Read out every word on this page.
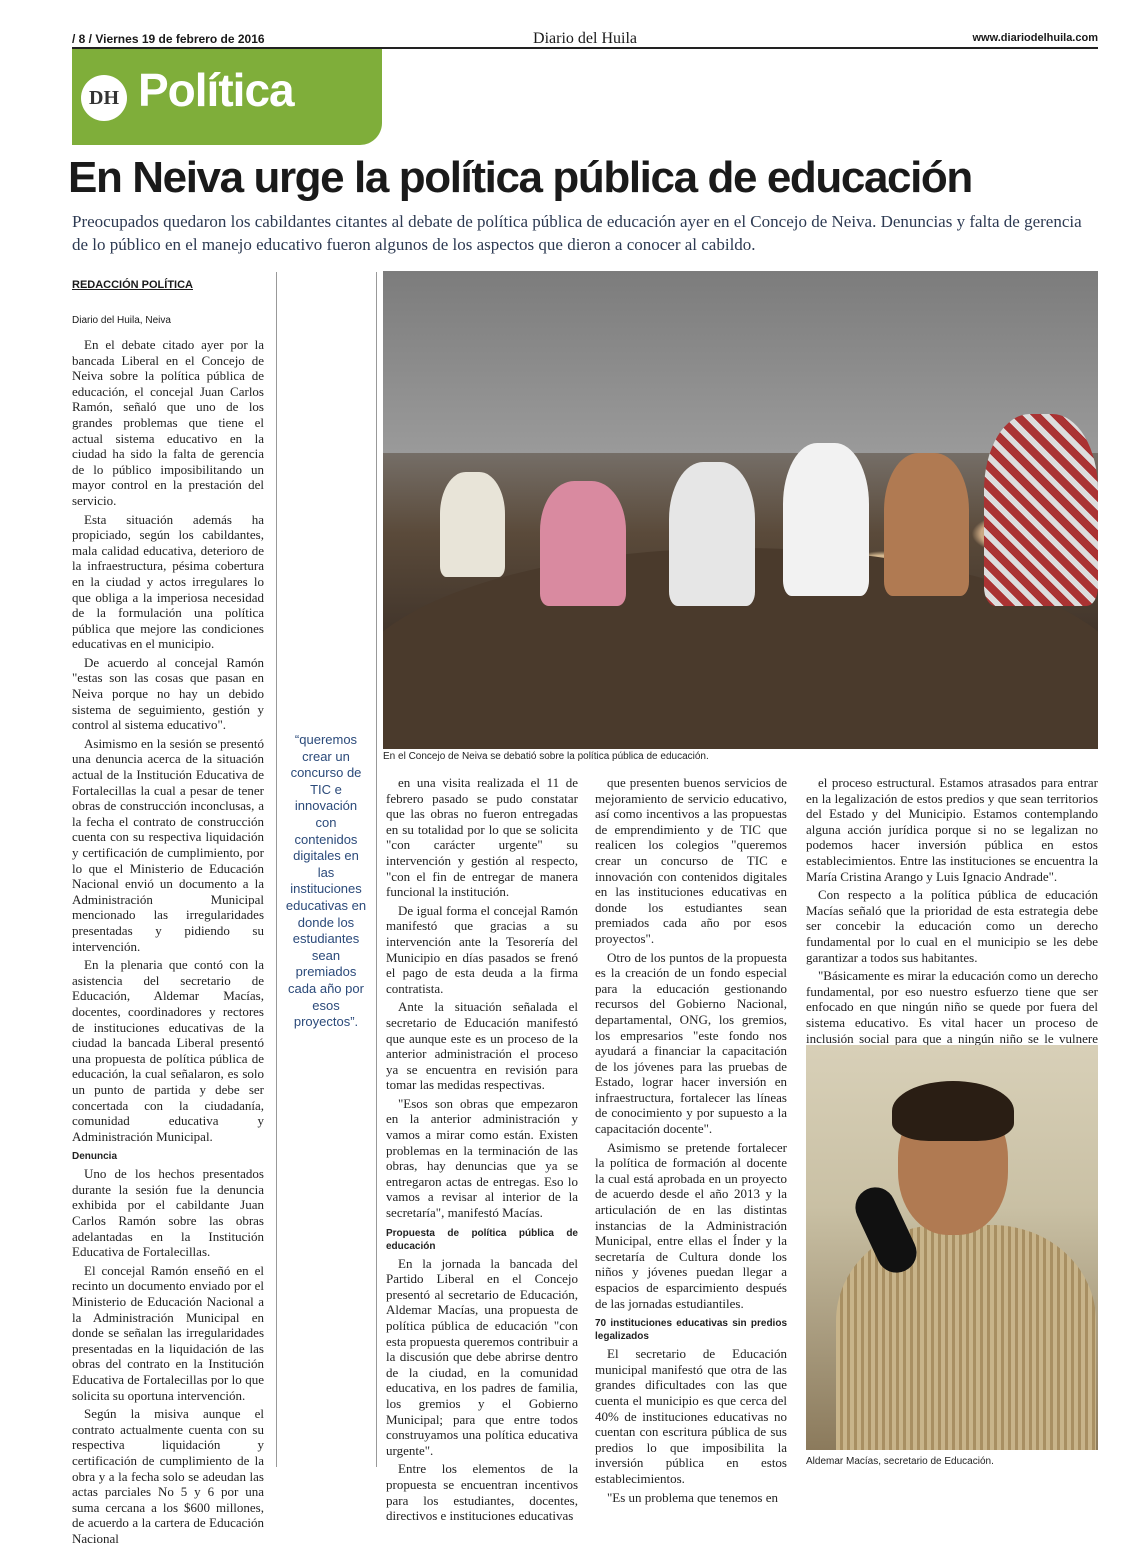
/ 8 / Viernes 19 de febrero de 2016	Diario del Huila	www.diariodelhuila.com
DH Política
En Neiva urge la política pública de educación
Preocupados quedaron los cabildantes citantes al debate de política pública de educación ayer en el Concejo de Neiva. Denuncias y falta de gerencia de lo público en el manejo educativo fueron algunos de los aspectos que dieron a conocer al cabildo.
REDACCIÓN POLÍTICA
Diario del Huila, Neiva

En el debate citado ayer por la bancada Liberal en el Concejo de Neiva sobre la política pública de educación, el concejal Juan Carlos Ramón, señaló que uno de los grandes problemas que tiene el actual sistema educativo en la ciudad ha sido la falta de gerencia de lo público imposibilitando un mayor control en la prestación del servicio.

Esta situación además ha propiciado, según los cabildantes, mala calidad educativa, deterioro de la infraestructura, pésima cobertura en la ciudad y actos irregulares lo que obliga a la imperiosa necesidad de la formulación una política pública que mejore las condiciones educativas en el municipio.

De acuerdo al concejal Ramón "estas son las cosas que pasan en Neiva porque no hay un debido sistema de seguimiento, gestión y control al sistema educativo".

Asimismo en la sesión se presentó una denuncia acerca de la situación actual de la Institución Educativa de Fortalecillas la cual a pesar de tener obras de construcción inconclusas, a la fecha el contrato de construcción cuenta con su respectiva liquidación y certificación de cumplimiento, por lo que el Ministerio de Educación Nacional envió un documento a la Administración Municipal mencionado las irregularidades presentadas y pidiendo su intervención.

En la plenaria que contó con la asistencia del secretario de Educación, Aldemar Macías, docentes, coordinadores y rectores de instituciones educativas de la ciudad la bancada Liberal presentó una propuesta de política pública de educación, la cual señalaron, es solo un punto de partida y debe ser concertada con la ciudadanía, comunidad educativa y Administración Municipal.

Denuncia

Uno de los hechos presentados durante la sesión fue la denuncia exhibida por el cabildante Juan Carlos Ramón sobre las obras adelantadas en la Institución Educativa de Fortalecillas.

El concejal Ramón enseñó en el recinto un documento enviado por el Ministerio de Educación Nacional a la Administración Municipal en donde se señalan las irregularidades presentadas en la liquidación de las obras del contrato en la Institución Educativa de Fortalecillas por lo que solicita su oportuna intervención.

Según la misiva aunque el contrato actualmente cuenta con su respectiva liquidación y certificación de cumplimiento de la obra y a la fecha solo se adeudan las actas parciales No 5 y 6 por una suma cercana a los $600 millones, de acuerdo a la cartera de Educación Nacional

“queremos crear un concurso de TIC e innovación con contenidos digitales en las instituciones educativas en donde los estudiantes sean premiados cada año por esos proyectos”.
En el Concejo de Neiva se debatió sobre la política pública de educación.

en una visita realizada el 11 de febrero pasado se pudo constatar que las obras no fueron entregadas en su totalidad por lo que se solicita "con carácter urgente" su intervención y gestión al respecto, "con el fin de entregar de manera funcional la institución.

De igual forma el concejal Ramón manifestó que gracias a su intervención ante la Tesorería del Municipio en días pasados se frenó el pago de esta deuda a la firma contratista.

Ante la situación señalada el secretario de Educación manifestó que aunque este es un proceso de la anterior administración el proceso ya se encuentra en revisión para tomar las medidas respectivas.

"Esos son obras que empezaron en la anterior administración y vamos a mirar como están. Existen problemas en la terminación de las obras, hay denuncias que ya se entregaron actas de entregas. Eso lo vamos a revisar al interior de la secretaría", manifestó Macías.

Propuesta de política pública de educación

En la jornada la bancada del Partido Liberal en el Concejo presentó al secretario de Educación, Aldemar Macías, una propuesta de política pública de educación "con esta propuesta queremos contribuir a la discusión que debe abrirse dentro de la ciudad, en la comunidad educativa, en los padres de familia, los gremios y el Gobierno Municipal; para que entre todos construyamos una política educativa urgente".

Entre los elementos de la propuesta se encuentran incentivos para los estudiantes, docentes, directivos e instituciones educativas

que presenten buenos servicios de mejoramiento de servicio educativo, así como incentivos a las propuestas de emprendimiento y de TIC que realicen los colegios "queremos crear un concurso de TIC e innovación con contenidos digitales en las instituciones educativas en donde los estudiantes sean premiados cada año por esos proyectos".

Otro de los puntos de la propuesta es la creación de un fondo especial para la educación gestionando recursos del Gobierno Nacional, departamental, ONG, los gremios, los empresarios "este fondo nos ayudará a financiar la capacitación de los jóvenes para las pruebas de Estado, lograr hacer inversión en infraestructura, fortalecer las líneas de conocimiento y por supuesto a la capacitación docente".

Asimismo se pretende fortalecer la política de formación al docente la cual está aprobada en un proyecto de acuerdo desde el año 2013 y la articulación de en las distintas instancias de la Administración Municipal, entre ellas el Índer y la secretaría de Cultura donde los niños y jóvenes puedan llegar a espacios de esparcimiento después de las jornadas estudiantiles.

70 instituciones educativas sin predios legalizados

El secretario de Educación municipal manifestó que otra de las grandes dificultades con las que cuenta el municipio es que cerca del 40% de instituciones educativas no cuentan con escritura pública de sus predios lo que imposibilita la inversión pública en estos establecimientos.

"Es un problema que tenemos en

el proceso estructural. Estamos atrasados para entrar en la legalización de estos predios y que sean territorios del Estado y del Municipio. Estamos contemplando alguna acción jurídica porque si no se legalizan no podemos hacer inversión pública en estos establecimientos. Entre las instituciones se encuentra la María Cristina Arango y Luis Ignacio Andrade".

Con respecto a la política pública de educación Macías señaló que la prioridad de esta estrategia debe ser concebir la educación como un derecho fundamental por lo cual en el municipio se les debe garantizar a todos sus habitantes.

"Básicamente es mirar la educación como un derecho fundamental, por eso nuestro esfuerzo tiene que ser enfocado en que ningún niño se quede por fuera del sistema educativo. Es vital hacer un proceso de inclusión social para que a ningún niño se le vulnere

Aldemar Macías, secretario de Educación.
